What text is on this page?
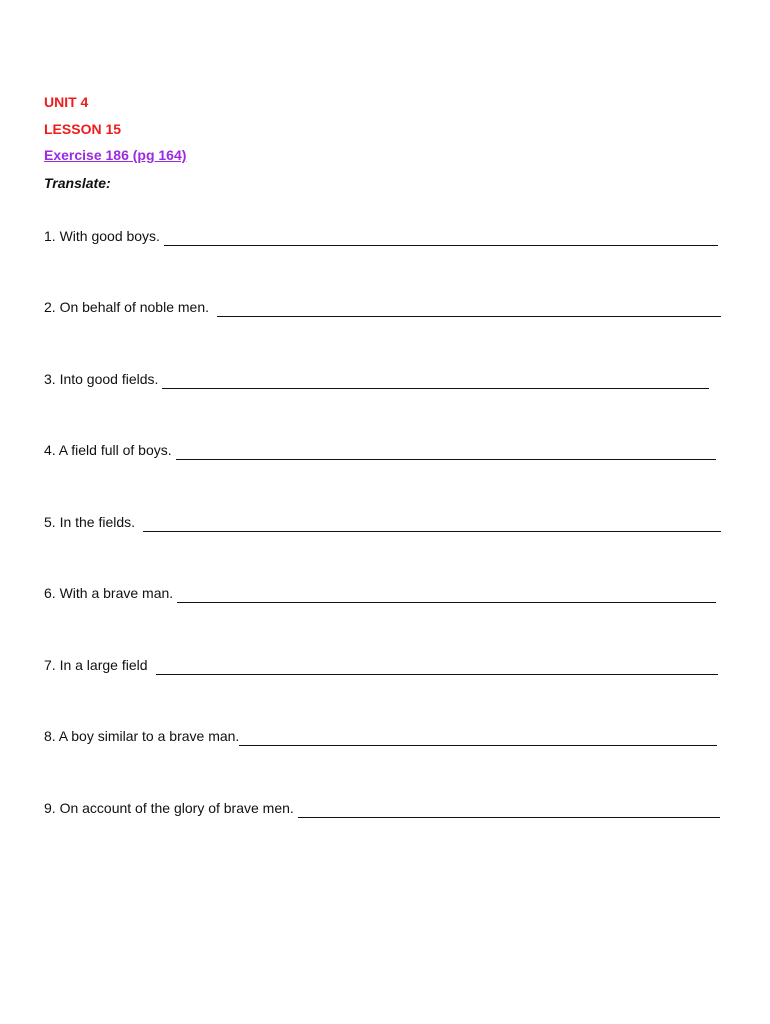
UNIT 4
LESSON 15
Exercise 186 (pg 164)
Translate:
1. With good boys.
2. On behalf of noble men.
3. Into good fields.
4. A field full of boys.
5. In the fields.
6. With a brave man.
7. In a large field
8. A boy similar to a brave man.
9. On account of the glory of brave men.
